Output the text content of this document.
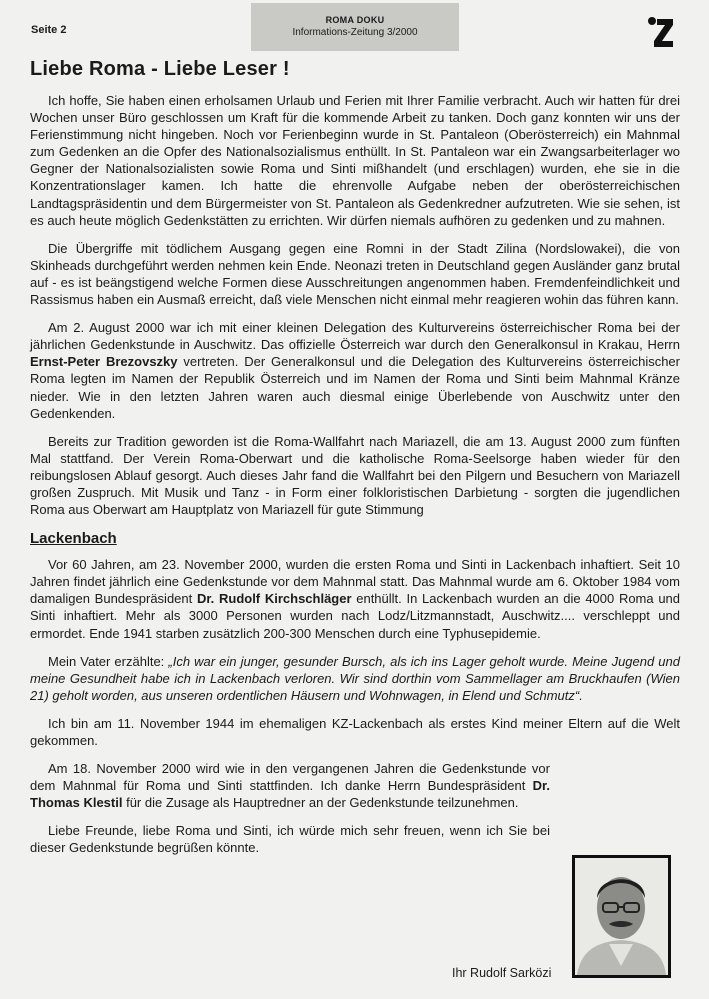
Seite 2
ROMA DOKU
Informations-Zeitung 3/2000
Liebe Roma - Liebe Leser !

Ich hoffe, Sie haben einen erholsamen Urlaub und Ferien mit Ihrer Familie verbracht. Auch wir hatten für drei Wochen unser Büro geschlossen um Kraft für die kommende Arbeit zu tanken. Doch ganz konnten wir uns der Ferienstimmung nicht hingeben. Noch vor Ferienbeginn wurde in St. Pantaleon (Oberösterreich) ein Mahnmal zum Gedenken an die Opfer des Nationalsozialismus enthüllt. In St. Pantaleon war ein Zwangsarbeiterlager wo Gegner der Nationalsozialisten sowie Roma und Sinti mißhandelt (und erschlagen) wurden, ehe sie in die Konzentrationslager kamen. Ich hatte die ehrenvolle Aufgabe neben der oberösterreichischen Landtagspräsidentin und dem Bürgermeister von St. Pantaleon als Gedenkredner aufzutreten. Wie sie sehen, ist es auch heute möglich Gedenkstätten zu errichten. Wir dürfen niemals aufhören zu gedenken und zu mahnen.

Die Übergriffe mit tödlichem Ausgang gegen eine Romni in der Stadt Zilina (Nordslowakei), die von Skinheads durchgeführt werden nehmen kein Ende. Neonazi treten in Deutschland gegen Ausländer ganz brutal auf - es ist beängstigend welche Formen diese Ausschreitungen angenommen haben. Fremdenfeindlichkeit und Rassismus haben ein Ausmaß erreicht, daß viele Menschen nicht einmal mehr reagieren wohin das führen kann.

Am 2. August 2000 war ich mit einer kleinen Delegation des Kulturvereins österreichischer Roma bei der jährlichen Gedenkstunde in Auschwitz. Das offizielle Österreich war durch den Generalkonsul in Krakau, Herrn Ernst-Peter Brezovszky vertreten. Der Generalkonsul und die Delegation des Kulturvereins österreichischer Roma legten im Namen der Republik Österreich und im Namen der Roma und Sinti beim Mahnmal Kränze nieder. Wie in den letzten Jahren waren auch diesmal einige Überlebende von Auschwitz unter den Gedenkenden.

Bereits zur Tradition geworden ist die Roma-Wallfahrt nach Mariazell, die am 13. August 2000 zum fünften Mal stattfand. Der Verein Roma-Oberwart und die katholische Roma-Seelsorge haben wieder für den reibungslosen Ablauf gesorgt. Auch dieses Jahr fand die Wallfahrt bei den Pilgern und Besuchern von Mariazell großen Zuspruch. Mit Musik und Tanz - in Form einer folkloristischen Darbietung - sorgten die jugendlichen Roma aus Oberwart am Hauptplatz von Mariazell für gute Stimmung

Lackenbach

Vor 60 Jahren, am 23. November 2000, wurden die ersten Roma und Sinti in Lackenbach inhaftiert. Seit 10 Jahren findet jährlich eine Gedenkstunde vor dem Mahnmal statt. Das Mahnmal wurde am 6. Oktober 1984 vom damaligen Bundespräsident Dr. Rudolf Kirchschläger enthüllt. In Lackenbach wurden an die 4000 Roma und Sinti inhaftiert. Mehr als 3000 Personen wurden nach Lodz/Litzmannstadt, Auschwitz.... verschleppt und ermordet. Ende 1941 starben zusätzlich 200-300 Menschen durch eine Typhusepidemie.

Mein Vater erzählte: „Ich war ein junger, gesunder Bursch, als ich ins Lager geholt wurde. Meine Jugend und meine Gesundheit habe ich in Lackenbach verloren. Wir sind dorthin vom Sammellager am Bruckhaufen (Wien 21) geholt worden, aus unseren ordentlichen Häusern und Wohnwagen, in Elend und Schmutz“.

Ich bin am 11. November 1944 im ehemaligen KZ-Lackenbach als erstes Kind meiner Eltern auf die Welt gekommen.

Am 18. November 2000 wird wie in den vergangenen Jahren die Gedenkstunde vor dem Mahnmal für Roma und Sinti stattfinden. Ich danke Herrn Bundespräsident Dr. Thomas Klestil für die Zusage als Hauptredner an der Gedenkstunde teilzunehmen.

Liebe Freunde, liebe Roma und Sinti, ich würde mich sehr freuen, wenn ich Sie bei dieser Gedenkstunde begrüßen könnte.

Ihr Rudolf Sarközi
